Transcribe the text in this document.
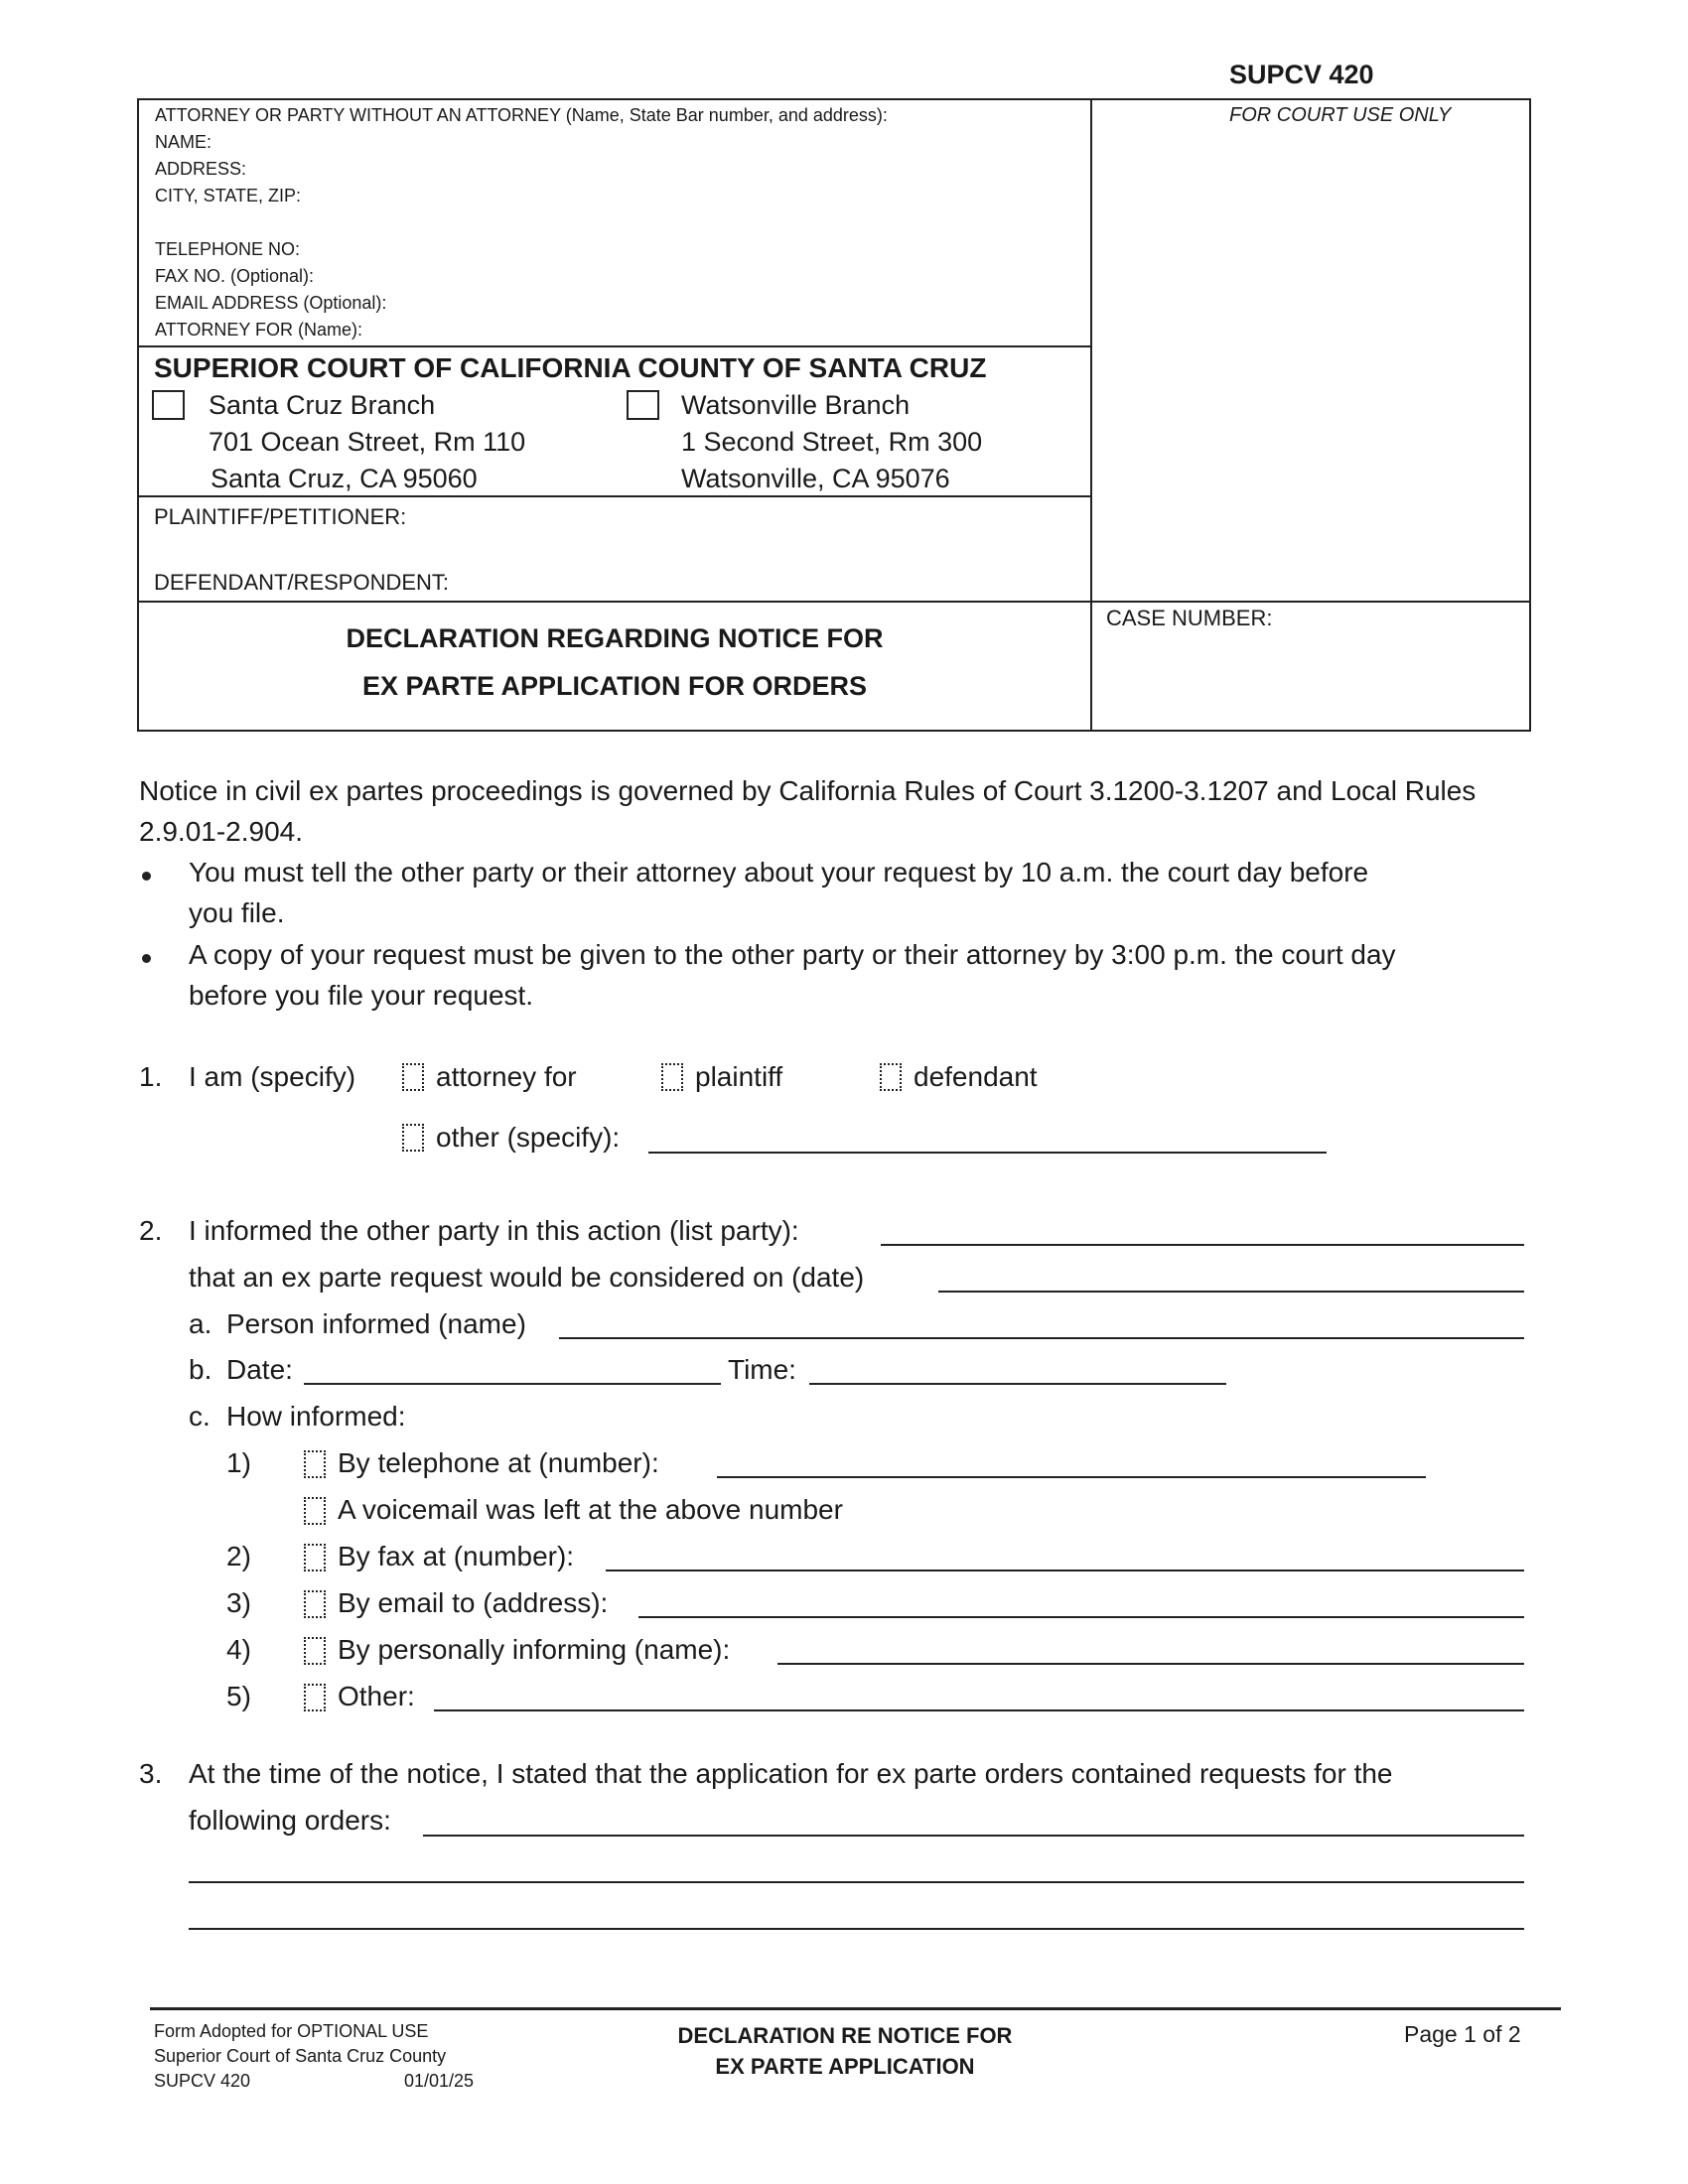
SUPCV 420
ATTORNEY OR PARTY WITHOUT AN ATTORNEY (Name, State Bar number, and address):
NAME:
ADDRESS:
CITY, STATE, ZIP:
TELEPHONE NO:
FAX NO. (Optional):
EMAIL ADDRESS (Optional):
ATTORNEY FOR (Name):
FOR COURT USE ONLY
SUPERIOR COURT OF CALIFORNIA COUNTY OF SANTA CRUZ
Santa Cruz Branch
701 Ocean Street, Rm 110
Santa Cruz, CA 95060
Watsonville Branch
1 Second Street, Rm 300
Watsonville, CA 95076
PLAINTIFF/PETITIONER:
DEFENDANT/RESPONDENT:
DECLARATION REGARDING NOTICE FOR
EX PARTE APPLICATION FOR ORDERS
CASE NUMBER:
Notice in civil ex partes proceedings is governed by California Rules of Court 3.1200-3.1207 and Local Rules
2.9.01-2.904.
You must tell the other party or their attorney about your request by 10 a.m. the court day before
you file.
A copy of your request must be given to the other party or their attorney by 3:00 p.m. the court day
before you file your request.
1. I am (specify)	attorney for	plaintiff	defendant
other (specify):
2. I informed the other party in this action (list party):
that an ex parte request would be considered on (date)
a. Person informed (name)
b. Date:	Time:
c. How informed:
1)	By telephone at (number):
A voicemail was left at the above number
2)	By fax at (number):
3)	By email to (address):
4)	By personally informing (name):
5)	Other:
3. At the time of the notice, I stated that the application for ex parte orders contained requests for the
following orders:
Form Adopted for OPTIONAL USE
Superior Court of Santa Cruz County
SUPCV 420	01/01/25
DECLARATION RE NOTICE FOR
EX PARTE APPLICATION
Page 1 of 2
